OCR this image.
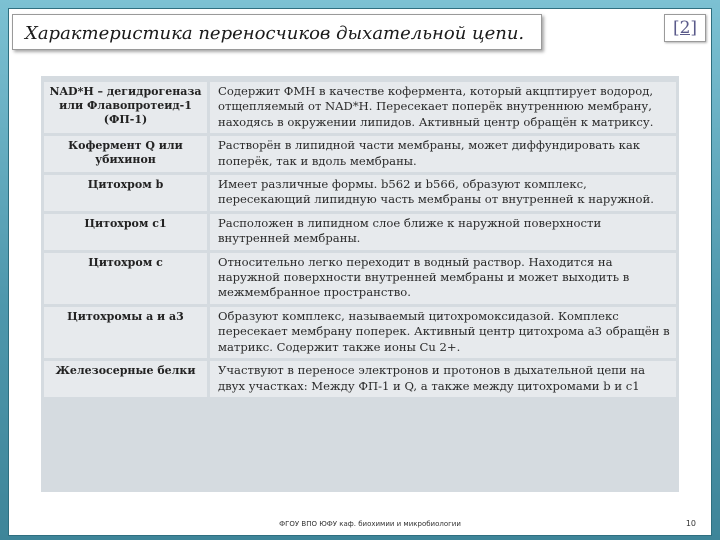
Характеристика переносчиков дыхательной цепи.	[2]
NAD*H – дегидрогеназа или Флавопротеид-1 (ФП-1)	Содержит ФМН в качестве кофермента, который акцптирует водород, отщепляемый от NAD*H. Пересекает поперёк внутреннюю мембрану, находясь в окружении липидов. Активный центр обращён к матриксу.
Кофермент Q или убихинон	Растворён в липидной части мембраны, может диффундировать как поперёк, так и вдоль мембраны.
Цитохром b	Имеет различные формы. b562 и b566, образуют комплекс, пересекающий липидную часть мембраны от внутренней к наружной.
Цитохром c1	Расположен в липидном слое ближе к наружной поверхности внутренней мембраны.
Цитохром c	Относительно легко переходит в водный раствор. Находится на наружной поверхности внутренней мембраны и может выходить в межмембранное пространство.
Цитохромы a и a3	Образуют комплекс, называемый цитохромоксидазой. Комплекс пересекает мембрану поперек. Активный центр цитохрома a3 обращён в матрикс. Содержит также ионы Cu 2+.
Железосерные белки	Участвуют в переносе электронов и протонов в дыхательной цепи на двух участках: Между ФП-1 и Q, а также между цитохромами b и c1
ФГОУ ВПО ЮФУ каф. биохимии и микробиологии	10
